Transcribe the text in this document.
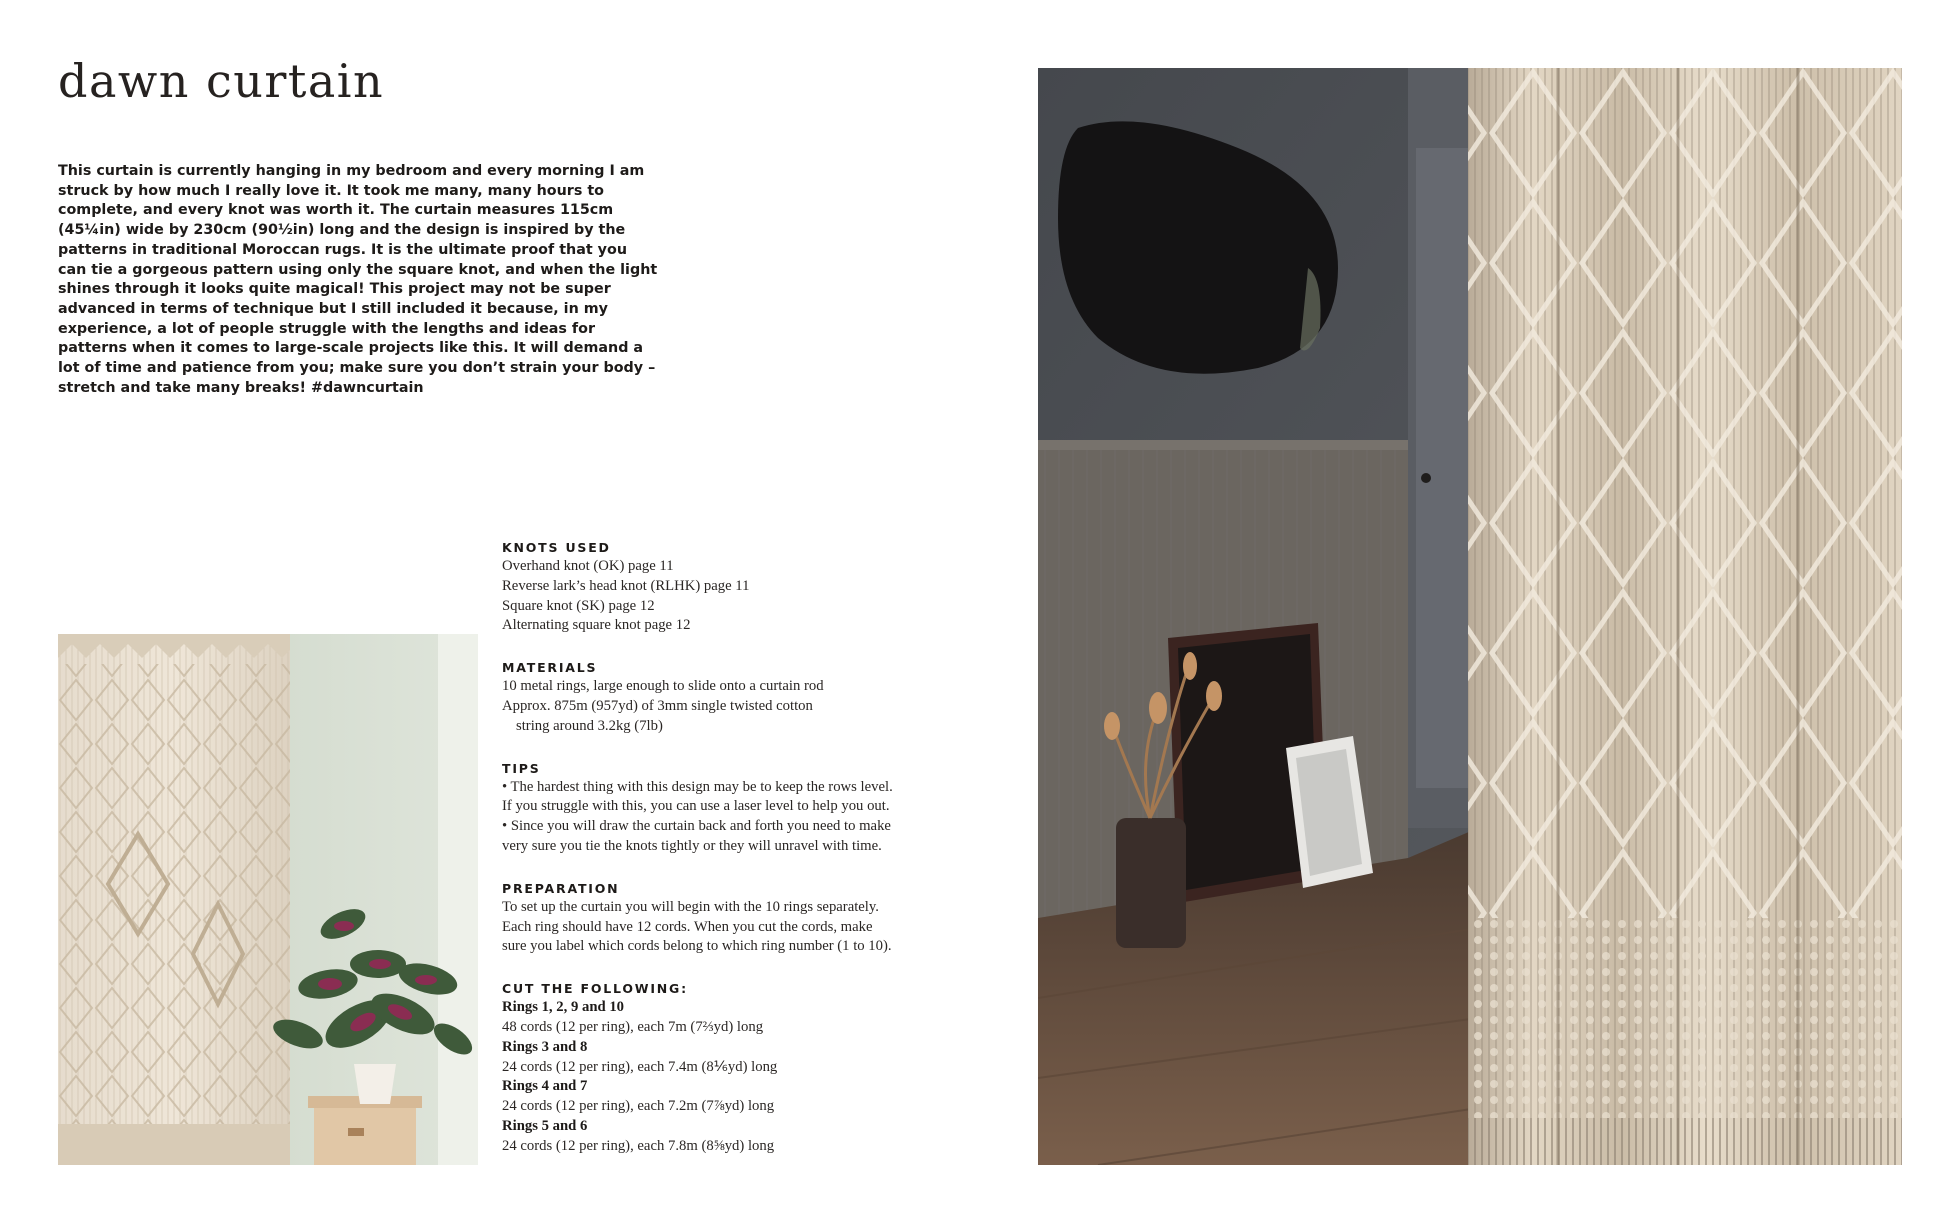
dawn curtain

This curtain is currently hanging in my bedroom and every morning I am struck by how much I really love it. It took me many, many hours to complete, and every knot was worth it. The curtain measures 115cm (45¼in) wide by 230cm (90½in) long and the design is inspired by the patterns in traditional Moroccan rugs. It is the ultimate proof that you can tie a gorgeous pattern using only the square knot, and when the light shines through it looks quite magical! This project may not be super advanced in terms of technique but I still included it because, in my experience, a lot of people struggle with the lengths and ideas for patterns when it comes to large-scale projects like this. It will demand a lot of time and patience from you; make sure you don’t strain your body – stretch and take many breaks! #dawncurtain

KNOTS USED

Overhand knot (OK) page 11

Reverse lark’s head knot (RLHK) page 11

Square knot (SK) page 12

Alternating square knot page 12

MATERIALS

10 metal rings, large enough to slide onto a curtain rod

Approx. 875m (957yd) of 3mm single twisted cotton

string around 3.2kg (7lb)

TIPS

• The hardest thing with this design may be to keep the rows level.

If you struggle with this, you can use a laser level to help you out.

• Since you will draw the curtain back and forth you need to make

very sure you tie the knots tightly or they will unravel with time.

PREPARATION

To set up the curtain you will begin with the 10 rings separately.

Each ring should have 12 cords. When you cut the cords, make

sure you label which cords belong to which ring number (1 to 10).

CUT THE FOLLOWING:

Rings 1, 2, 9 and 10

48 cords (12 per ring), each 7m (7⅔yd) long

Rings 3 and 8

24 cords (12 per ring), each 7.4m (8⅙yd) long

Rings 4 and 7

24 cords (12 per ring), each 7.2m (7⅞yd) long

Rings 5 and 6

24 cords (12 per ring), each 7.8m (8⅝yd) long
